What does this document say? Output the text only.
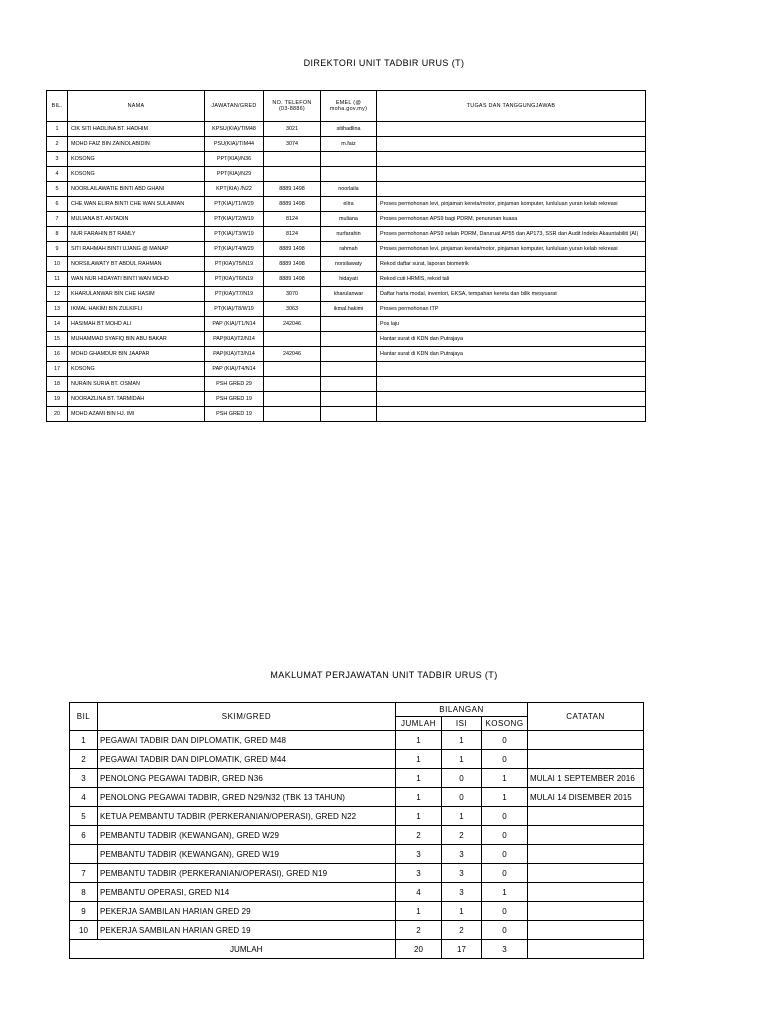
DIREKTORI UNIT TADBIR URUS (T)
BIL.	NAMA	JAWATAN/GRED	NO. TELEFON (03-8886)	EMEL (@ moha.gov.my)	TUGAS DAN TANGGUNGJAWAB
1	CIK SITI HADLINA BT. HADHIM	KPSU(KIA)/TIM48	3021	sitihadlina	
2	MOHD FAIZ BIN ZAINOLABIDIN	PSU(KIA)/TIM44	3074	m.faiz	
3	KOSONG	PPT(KIA)/N36			
4	KOSONG	PPT(KIA)/N29			
5	NOORLAILAWATIE BINTI ABD GHANI	KPT(KIA) /N22	8889 1498	noorlaila	
6	CHE WAN ELIRA BINTI CHE WAN SULAIMAN	PT(KIA)/T1/W29	8889 1498	elira	Proses permohonan levi, pinjaman kereta/motor, pinjaman komputer, lunluluan yuran kelab rekreasi
7	MULIANA BT. ANTADIN	PT(KIA)/T2/W19	8124	muliana	Proses permohonan APS9 bagi PDRM, penurunan kuasa
8	NUR FARAHIN BT RAMLY	PT(KIA)/T3/W19	8124	nurfarahin	Proses permohonan APS9 selain PDRM, Daruruai AP55 dan AP173, SSR dan Audit Indeks Akauntabiliti (AI)
9	SITI RAHMAH BINTI UJANG @ MANAP	PT(KIA)/T4/W29	8889 1498	rahmah	Proses permohonan levi, pinjaman kereta/motor, pinjaman komputer, lunluluan yuran kelab rekreasi
10	NORSILAWATY BT ABDUL RAHMAN	PT(KIA)/T5/N19	8889 1498	norsilawaty	Rekod daftar surat, laporan biometrik
11	WAN NUR HIDAYATI BINTI WAN MOHD	PT(KIA)/T6/N19	8889 1498	hidayati	Rekod cuti HRMIS, rekod tali
12	KHARULANWAR BIN CHE HASIM	PT(KIA)/T7/N19	3070	kharulanwar	Daftar harta modal, inventori, EKSA, tempahan kereta dan bilik mesyuarat
13	IKMAL HAKIMI BIN ZULKIFLI	PT(KIA)/T8/W19	3063	ikmal.hakimi	Proses permohonan ITP
14	HASIMAH BT MOHD ALI	PAP (KIA)/T1/N14	242046		Pos laju
15	MUHAMMAD SYAFIQ BIN ABU BAKAR	PAP(KIA)/T2/N14			Hantar surat di KDN dan Putrajaya
16	MOHD GHAMDUR BIN JAAPAR	PAP(KIA)/T3/N14	242046		Hantar surat di KDN dan Putrajaya
17	KOSONG	PAP (KIA)/T4/N14			
18	NURAIN SURIA BT. OSMAN	PSH GRED 29			
19	NOORAZLINA BT. TARMIDAH	PSH GRED 19			
20	MOHD AZAMI BIN HJ. IMI	PSH GRED 19			
MAKLUMAT PERJAWATAN UNIT TADBIR URUS (T)
BIL	SKIM/GRED	BILANGAN			CATATAN
		JUMLAH	ISI	KOSONG	
1	PEGAWAI TADBIR DAN DIPLOMATIK, GRED M48	1	1	0	
2	PEGAWAI TADBIR DAN DIPLOMATIK, GRED M44	1	1	0	
3	PENOLONG PEGAWAI TADBIR, GRED N36	1	0	1	MULAI 1 SEPTEMBER 2016
4	PENOLONG PEGAWAI TADBIR, GRED N29/N32 (TBK 13 TAHUN)	1	0	1	MULAI 14 DISEMBER 2015
5	KETUA PEMBANTU TADBIR (PERKERANIAN/OPERASI), GRED N22	1	1	0	
6	PEMBANTU TADBIR (KEWANGAN), GRED W29	2	2	0	
	PEMBANTU TADBIR (KEWANGAN), GRED W19	3	3	0	
7	PEMBANTU TADBIR (PERKERANIAN/OPERASI), GRED N19	3	3	0	
8	PEMBANTU OPERASI, GRED N14	4	3	1	
9	PEKERJA SAMBILAN HARIAN GRED 29	1	1	0	
10	PEKERJA SAMBILAN HARIAN GRED 19	2	2	0	
	JUMLAH	20	17	3	
